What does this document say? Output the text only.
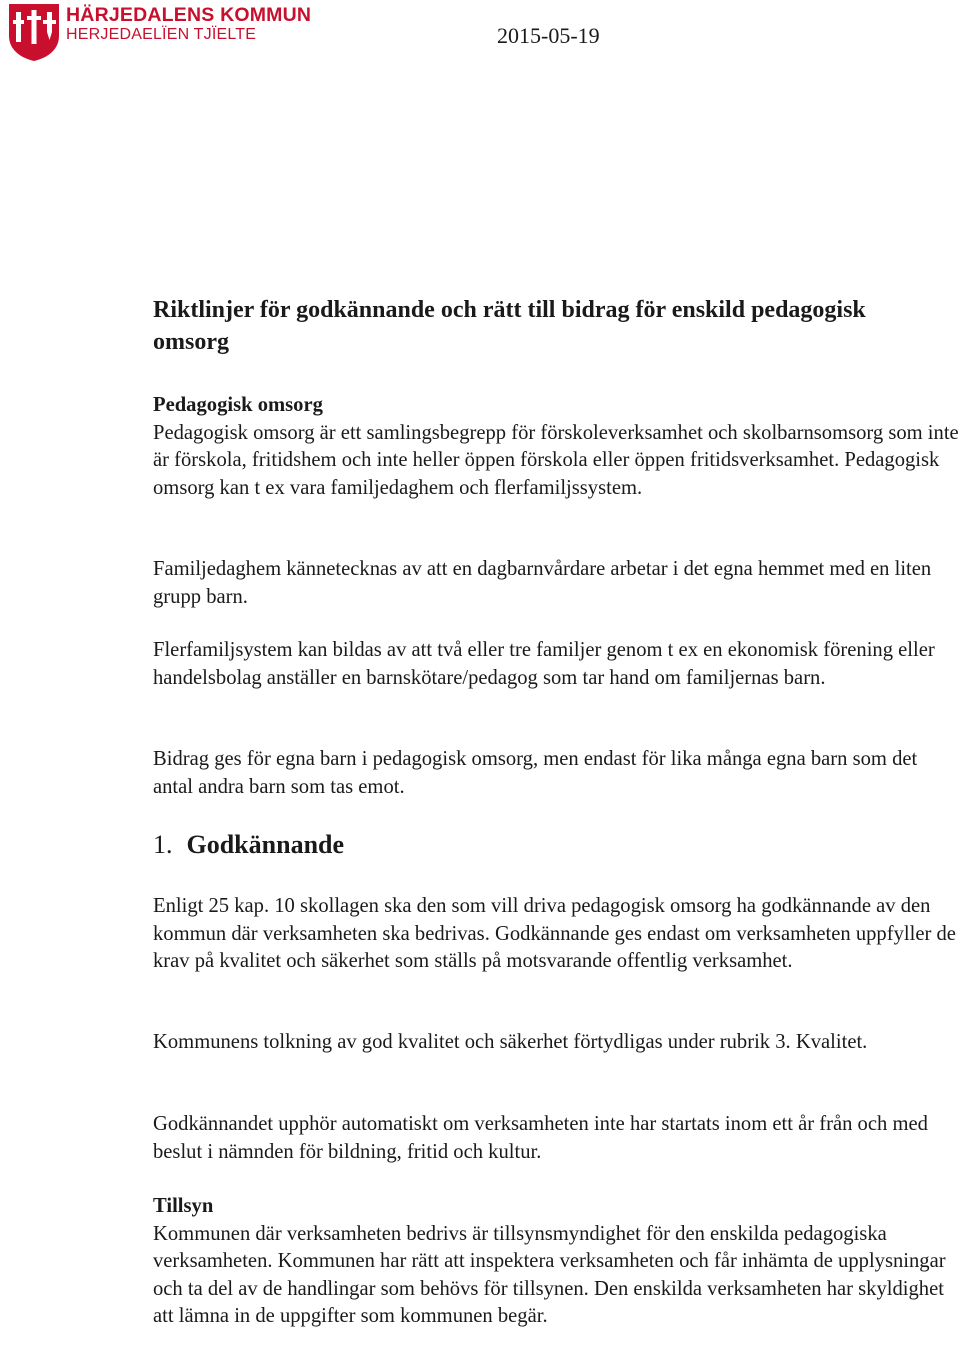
HÄRJEDALENS KOMMUN
HERJEDAELÏEN TJÏELTE	2015-05-19
Riktlinjer för godkännande och rätt till bidrag för enskild pedagogisk omsorg
Pedagogisk omsorg
Pedagogisk omsorg är ett samlingsbegrepp för förskoleverksamhet och skolbarnsomsorg som inte är förskola, fritidshem och inte heller öppen förskola eller öppen fritidsverksamhet. Pedagogisk omsorg kan t ex vara familjedaghem och flerfamiljssystem.

Familjedaghem kännetecknas av att en dagbarnvårdare arbetar i det egna hemmet med en liten grupp barn.

Flerfamiljsystem kan bildas av att två eller tre familjer genom t ex en ekonomisk förening eller handelsbolag anställer en barnskötare/pedagog som tar hand om familjernas barn.

Bidrag ges för egna barn i pedagogisk omsorg, men endast för lika många egna barn som det antal andra barn som tas emot.

1. Godkännande

Enligt 25 kap. 10 skollagen ska den som vill driva pedagogisk omsorg ha godkännande av den kommun där verksamheten ska bedrivas. Godkännande ges endast om verksamheten uppfyller de krav på kvalitet och säkerhet som ställs på motsvarande offentlig verksamhet.

Kommunens tolkning av god kvalitet och säkerhet förtydligas under rubrik 3. Kvalitet.

Godkännandet upphör automatiskt om verksamheten inte har startats inom ett år från och med beslut i nämnden för bildning, fritid och kultur.

Tillsyn
Kommunen där verksamheten bedrivs är tillsynsmyndighet för den enskilda pedagogiska verksamheten. Kommunen har rätt att inspektera verksamheten och får inhämta de upplysningar och ta del av de handlingar som behövs för tillsynen. Den enskilda verksamheten har skyldighet att lämna in de uppgifter som kommunen begär.
